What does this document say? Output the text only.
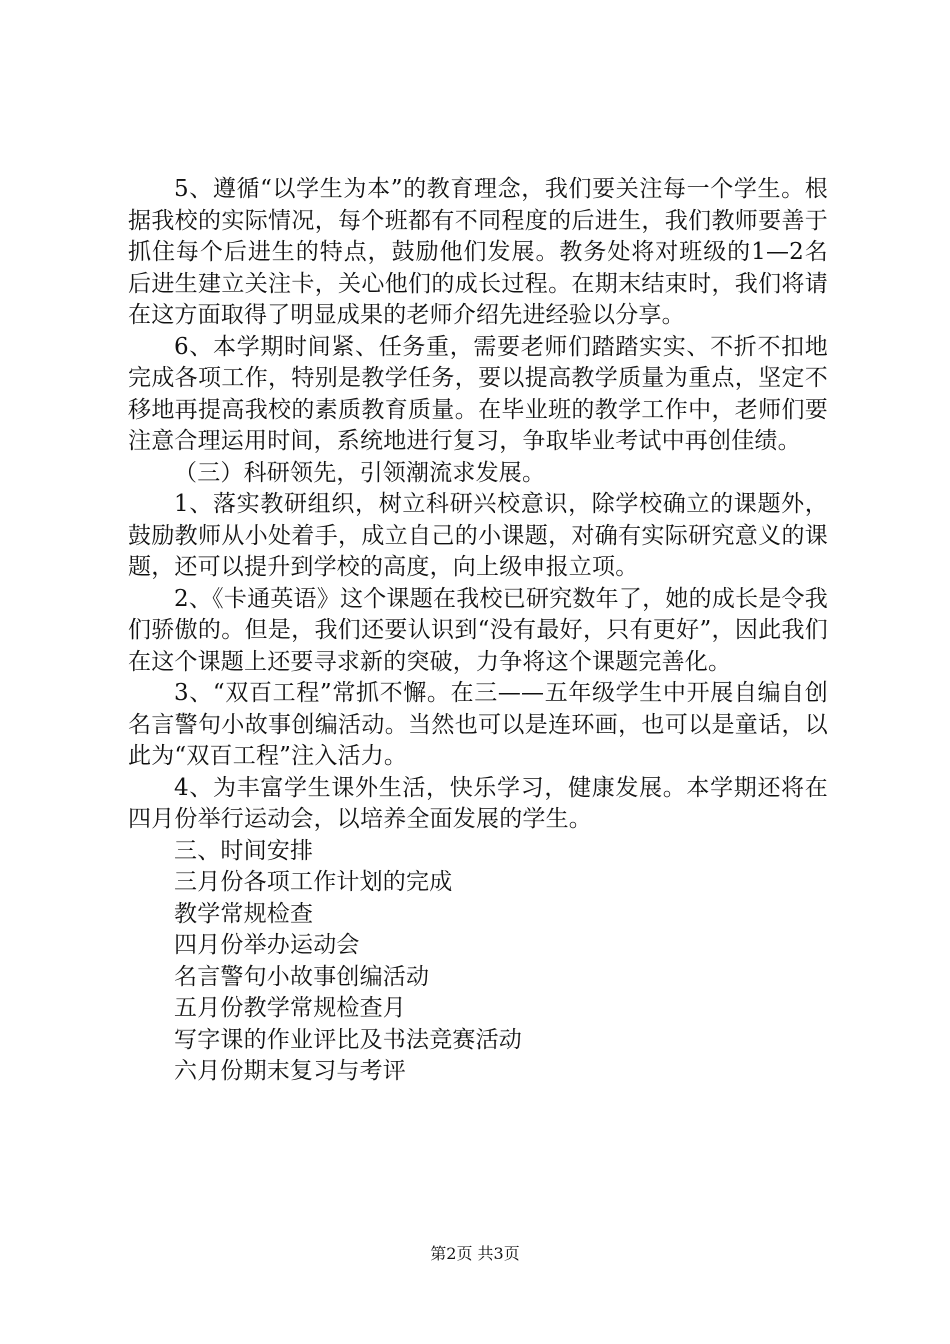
5、遵循“以学生为本”的教育理念，我们要关注每一个学生。根据我校的实际情况，每个班都有不同程度的后进生，我们教师要善于抓住每个后进生的特点，鼓励他们发展。教务处将对班级的1—2名后进生建立关注卡，关心他们的成长过程。在期末结束时，我们将请在这方面取得了明显成果的老师介绍先进经验以分享。

6、本学期时间紧、任务重，需要老师们踏踏实实、不折不扣地完成各项工作，特别是教学任务，要以提高教学质量为重点，坚定不移地再提高我校的素质教育质量。在毕业班的教学工作中，老师们要注意合理运用时间，系统地进行复习，争取毕业考试中再创佳绩。

（三）科研领先，引领潮流求发展。

1、落实教研组织，树立科研兴校意识，除学校确立的课题外，鼓励教师从小处着手，成立自己的小课题，对确有实际研究意义的课题，还可以提升到学校的高度，向上级申报立项。

2、《卡通英语》这个课题在我校已研究数年了，她的成长是令我们骄傲的。但是，我们还要认识到“没有最好，只有更好”，因此我们在这个课题上还要寻求新的突破，力争将这个课题完善化。

3、“双百工程”常抓不懈。在三——五年级学生中开展自编自创名言警句小故事创编活动。当然也可以是连环画，也可以是童话，以此为“双百工程”注入活力。

4、为丰富学生课外生活，快乐学习，健康发展。本学期还将在四月份举行运动会，以培养全面发展的学生。

三、时间安排

三月份各项工作计划的完成

教学常规检查

四月份举办运动会

名言警句小故事创编活动

五月份教学常规检查月

写字课的作业评比及书法竞赛活动

六月份期末复习与考评

第2页 共3页
